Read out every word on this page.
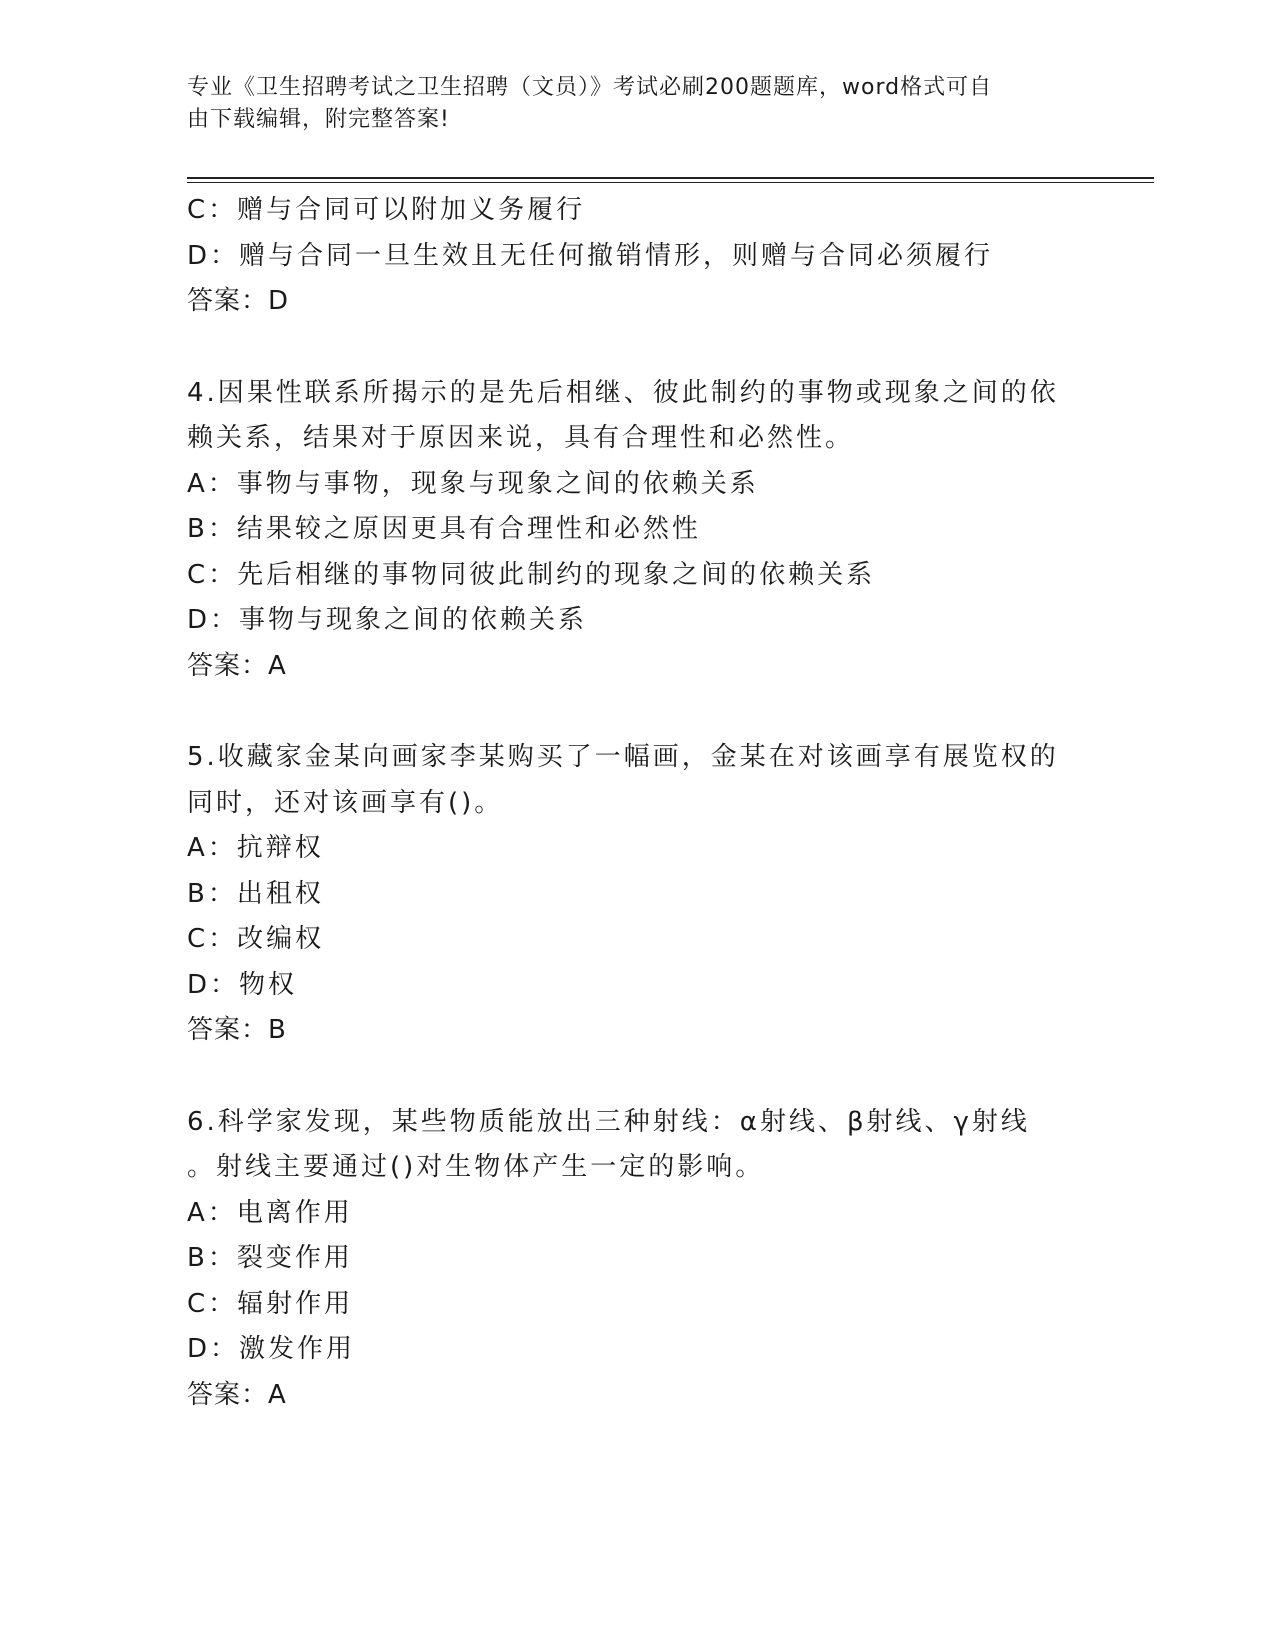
专业《卫生招聘考试之卫生招聘（文员）》考试必刷200题题库，word格式可自
由下载编辑，附完整答案!
C：赠与合同可以附加义务履行
D：赠与合同一旦生效且无任何撤销情形，则赠与合同必须履行
答案：D
4.因果性联系所揭示的是先后相继、彼此制约的事物或现象之间的依
赖关系，结果对于原因来说，具有合理性和必然性。
A：事物与事物，现象与现象之间的依赖关系
B：结果较之原因更具有合理性和必然性
C：先后相继的事物同彼此制约的现象之间的依赖关系
D：事物与现象之间的依赖关系
答案：A
5.收藏家金某向画家李某购买了一幅画，金某在对该画享有展览权的
同时，还对该画享有()。
A：抗辩权
B：出租权
C：改编权
D：物权
答案：B
6.科学家发现，某些物质能放出三种射线：α射线、β射线、γ射线
。射线主要通过()对生物体产生一定的影响。
A：电离作用
B：裂变作用
C：辐射作用
D：激发作用
答案：A
